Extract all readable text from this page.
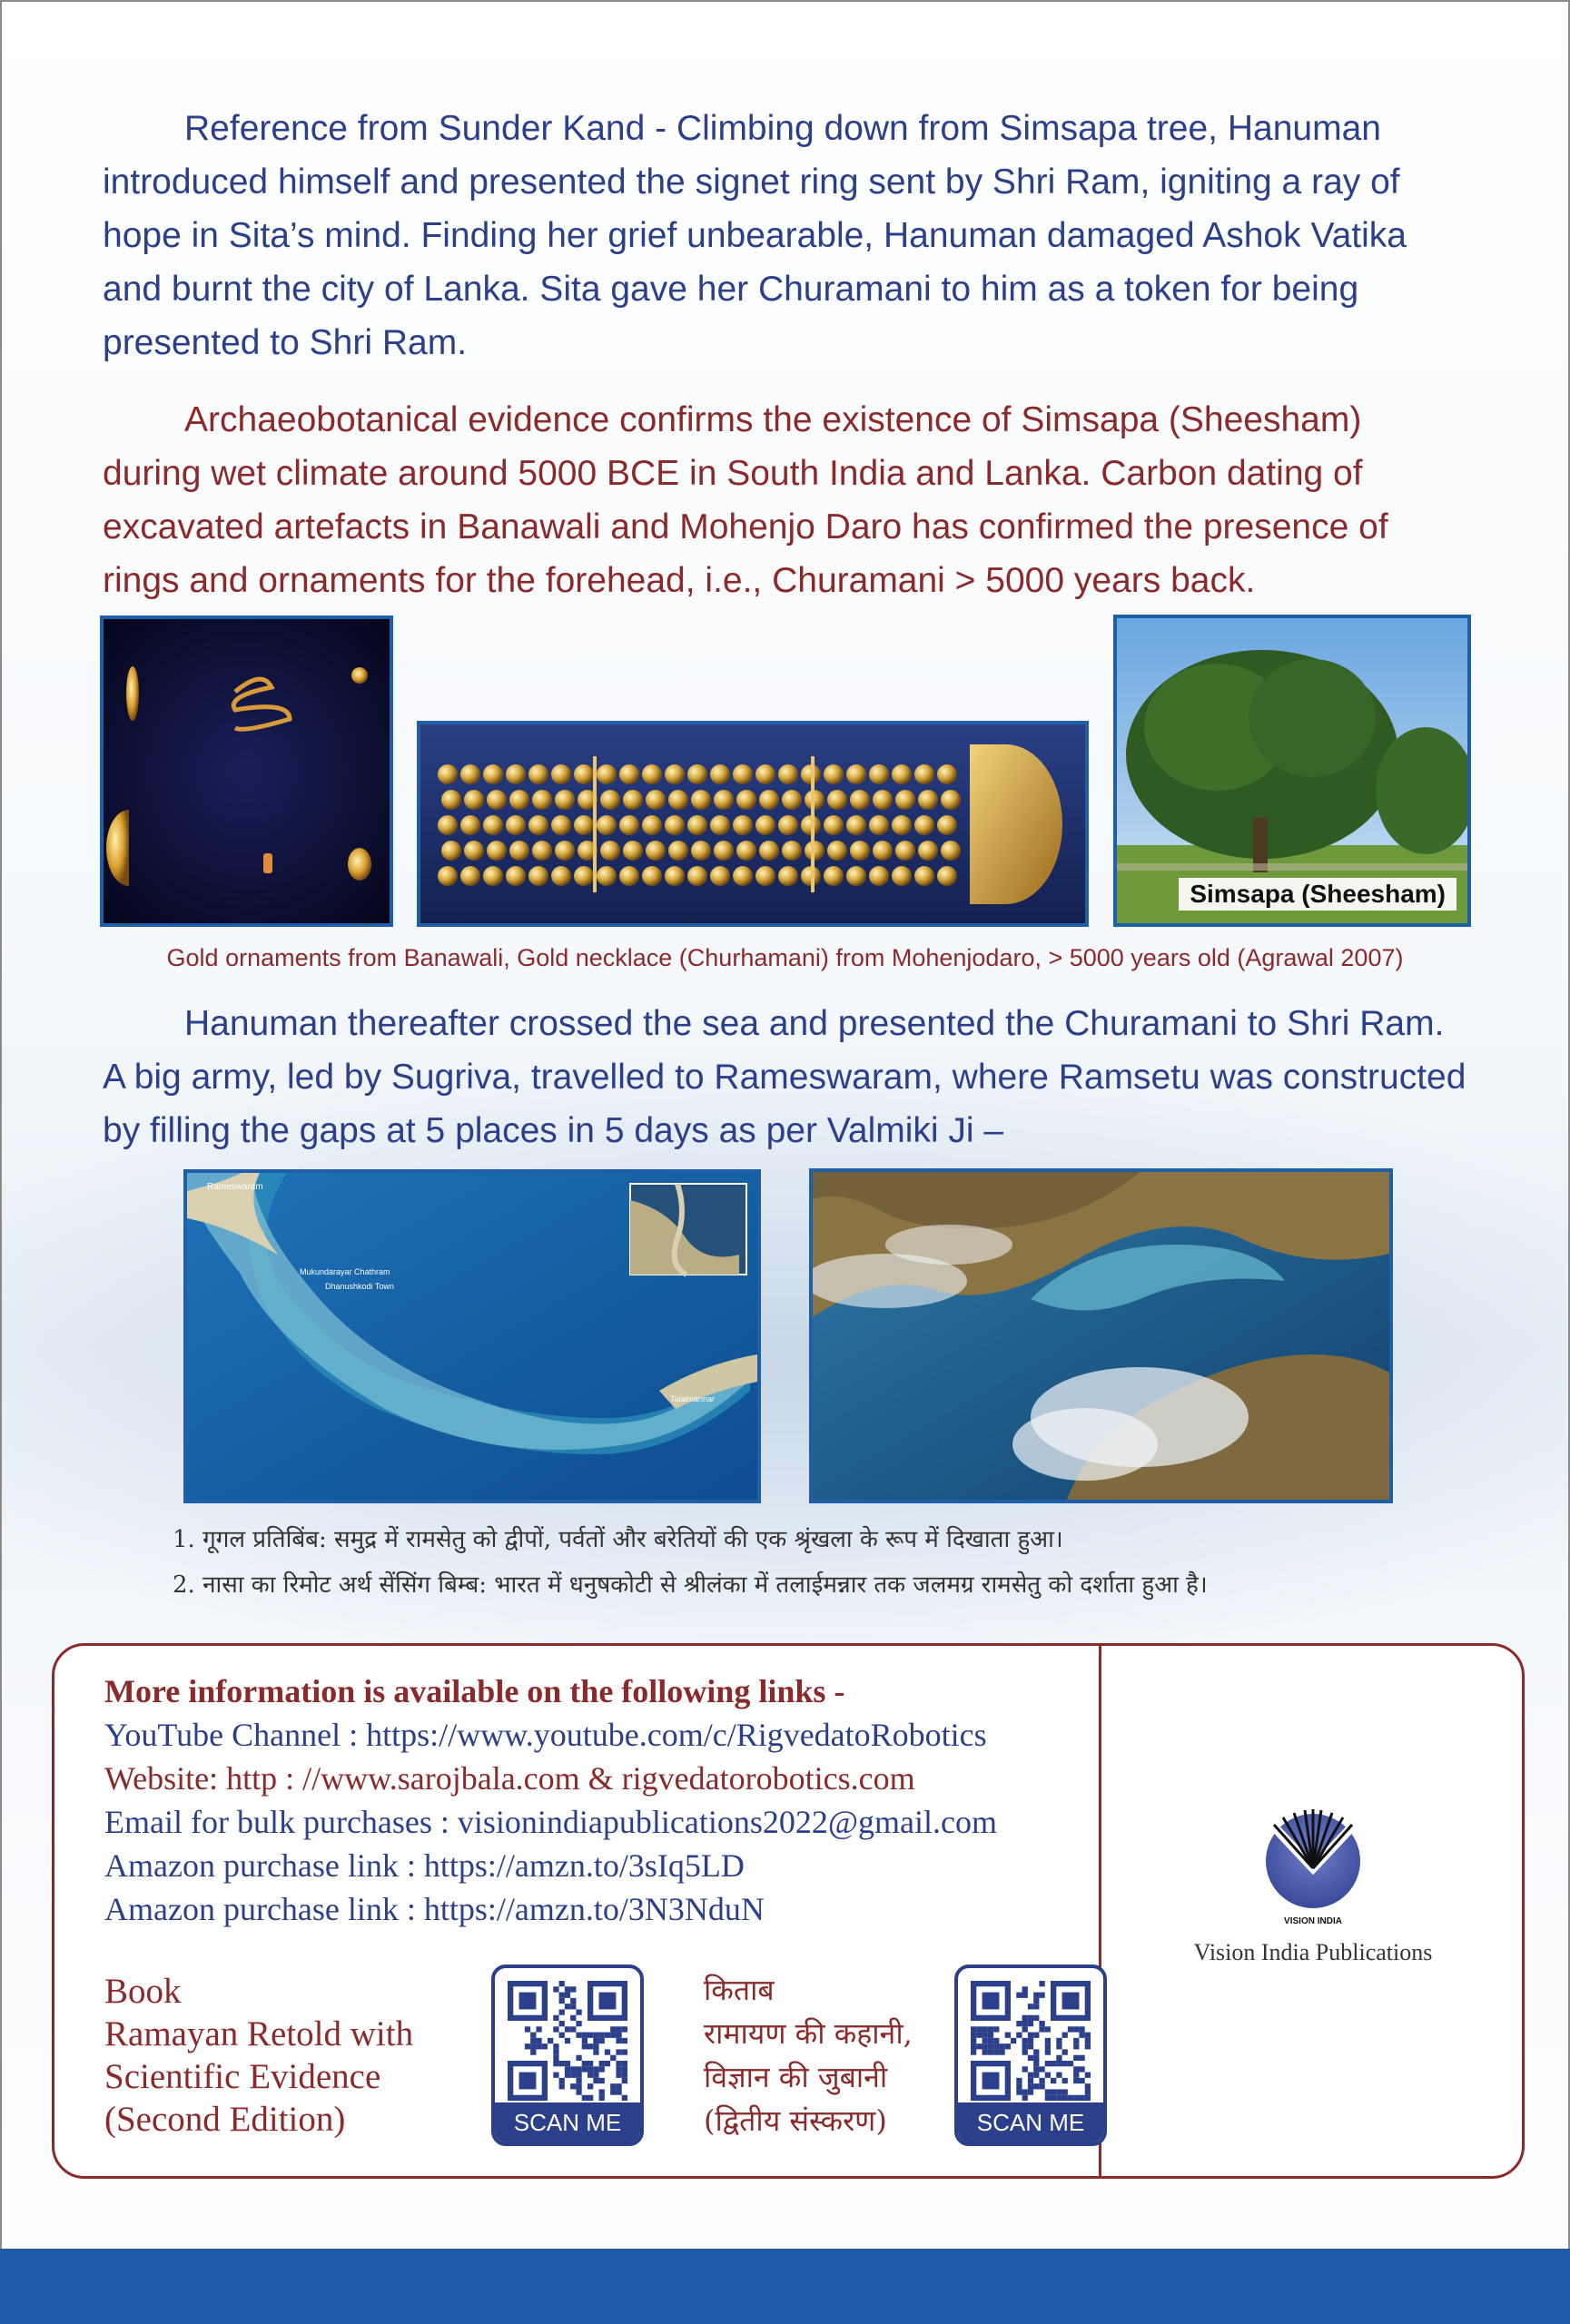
Reference from Sunder Kand - Climbing down from Simsapa tree, Hanuman introduced himself and presented the signet ring sent by Shri Ram, igniting a ray of hope in Sita’s mind. Finding her grief unbearable, Hanuman damaged Ashok Vatika and burnt the city of Lanka. Sita gave her Churamani to him as a token for being presented to Shri Ram.

Archaeobotanical evidence confirms the existence of Simsapa (Sheesham) during wet climate around 5000 BCE in South India and Lanka. Carbon dating of excavated artefacts in Banawali and Mohenjo Daro has confirmed the presence of rings and ornaments for the forehead, i.e., Churamani > 5000 years back.

Simsapa (Sheesham)
Gold ornaments from Banawali, Gold necklace (Churhamani) from Mohenjodaro, > 5000 years old (Agrawal 2007)

Hanuman thereafter crossed the sea and presented the Churamani to Shri Ram. A big army, led by Sugriva, travelled to Rameswaram, where Ramsetu was constructed by filling the gaps at 5 places in 5 days as per Valmiki Ji –

Rameswaram
Mukundarayar Chathram
Dhanushkodi Town
Talaimannar
1. गूगल प्रतिबिंब: समुद्र में रामसेतु को द्वीपों, पर्वतों और बरेतियों की एक श्रृंखला के रूप में दिखाता हुआ।
2. नासा का रिमोट अर्थ सेंसिंग बिम्ब: भारत में धनुषकोटी से श्रीलंका में तलाईमन्नार तक जलमग्र रामसेतु को दर्शाता हुआ है।
More information is available on the following links -
YouTube Channel : https://www.youtube.com/c/RigvedatoRobotics
Website: http : //www.sarojbala.com & rigvedatorobotics.com
Email for bulk purchases : visionindiapublications2022@gmail.com
Amazon purchase link : https://amzn.to/3sIq5LD
Amazon purchase link : https://amzn.to/3N3NduN
Book
Ramayan Retold with
Scientific Evidence
(Second Edition)	SCAN ME
किताब
रामायण की कहानी,
विज्ञान की जुबानी
(द्वितीय संस्करण)	SCAN ME
VISION INDIA
Vision India Publications
